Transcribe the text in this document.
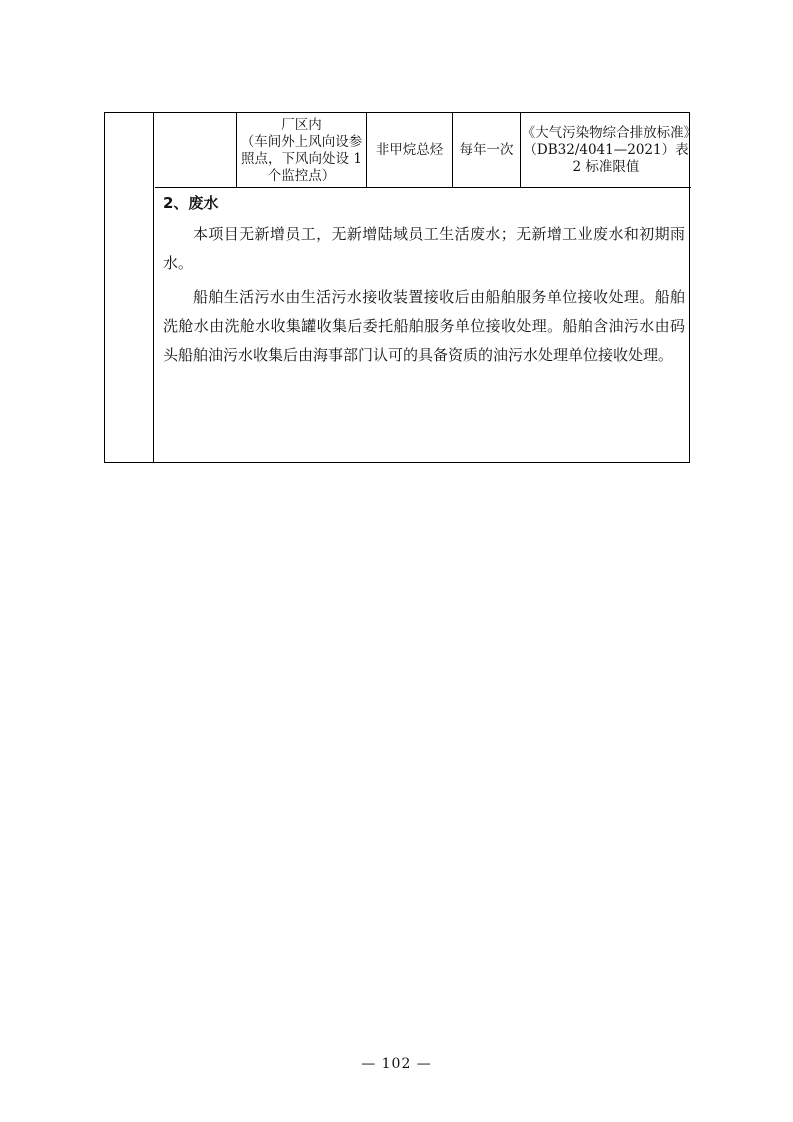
厂区内
（车间外上风向设参照点，下风向处设 1 个监控点）
非甲烷总烃	每年一次
《大气污染物综合排放标准》（DB32/4041—2021）表 2 标准限值
2、废水
本项目无新增员工，无新增陆域员工生活废水；无新增工业废水和初期雨水。
船舶生活污水由生活污水接收装置接收后由船舶服务单位接收处理。船舶洗舱水由洗舱水收集罐收集后委托船舶服务单位接收处理。船舶含油污水由码头船舶油污水收集后由海事部门认可的具备资质的油污水处理单位接收处理。
— 102 —
